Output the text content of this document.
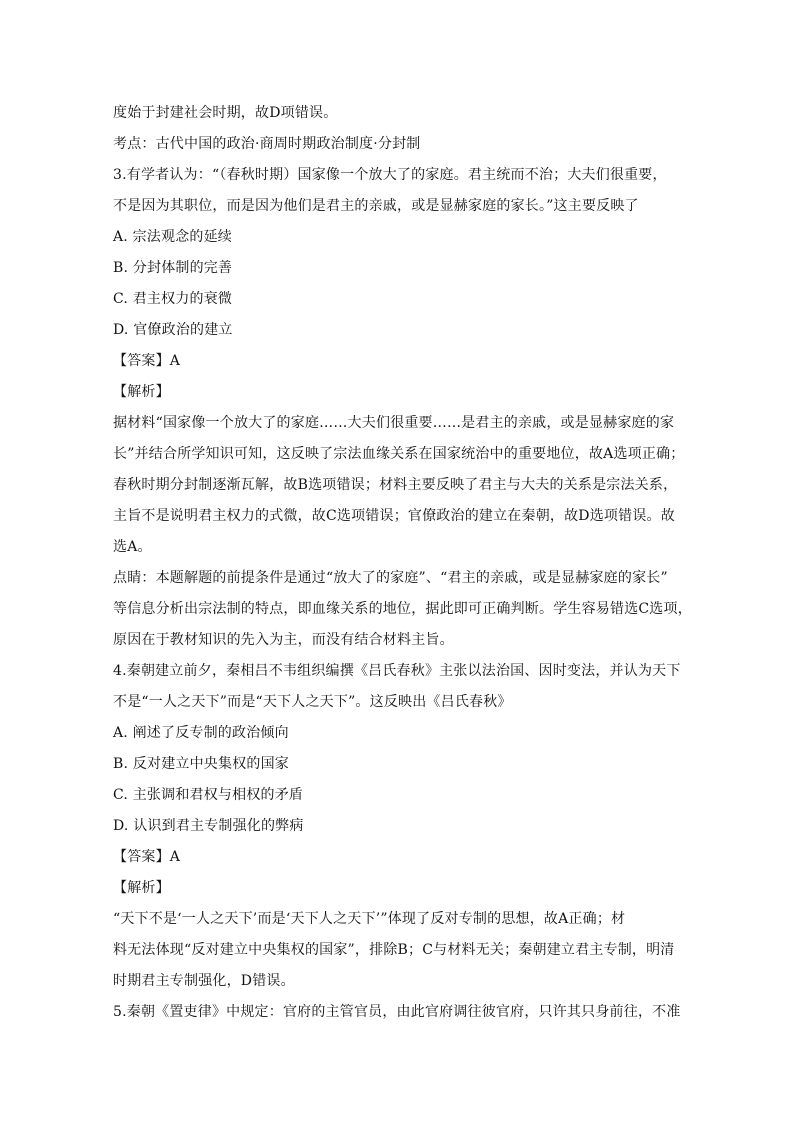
度始于封建社会时期，故D项错误。
考点：古代中国的政治·商周时期政治制度·分封制
3.有学者认为：“（春秋时期）国家像一个放大了的家庭。君主统而不治；大夫们很重要，
不是因为其职位，而是因为他们是君主的亲戚，或是显赫家庭的家长。”这主要反映了
A. 宗法观念的延续
B. 分封体制的完善
C. 君主权力的衰微
D. 官僚政治的建立
【答案】A
【解析】
据材料“国家像一个放大了的家庭……大夫们很重要……是君主的亲戚，或是显赫家庭的家
长”并结合所学知识可知，这反映了宗法血缘关系在国家统治中的重要地位，故A选项正确；
春秋时期分封制逐渐瓦解，故B选项错误；材料主要反映了君主与大夫的关系是宗法关系，
主旨不是说明君主权力的式微，故C选项错误；官僚政治的建立在秦朝，故D选项错误。故
选A。
点睛：本题解题的前提条件是通过“放大了的家庭”、“君主的亲戚，或是显赫家庭的家长”
等信息分析出宗法制的特点，即血缘关系的地位，据此即可正确判断。学生容易错选C选项，
原因在于教材知识的先入为主，而没有结合材料主旨。
4.秦朝建立前夕，秦相吕不韦组织编撰《吕氏春秋》主张以法治国、因时变法，并认为天下
不是“一人之天下”而是“天下人之天下”。这反映出《吕氏春秋》
A. 阐述了反专制的政治倾向
B. 反对建立中央集权的国家
C. 主张调和君权与相权的矛盾
D. 认识到君主专制强化的弊病
【答案】A
【解析】
“天下不是‘一人之天下’而是‘天下人之天下’”体现了反对专制的思想，故A正确；材
料无法体现“反对建立中央集权的国家”，排除B；C与材料无关；秦朝建立君主专制，明清
时期君主专制强化，D错误。
5.秦朝《置吏律》中规定：官府的主管官员，由此官府调往彼官府，只许其只身前往，不准
